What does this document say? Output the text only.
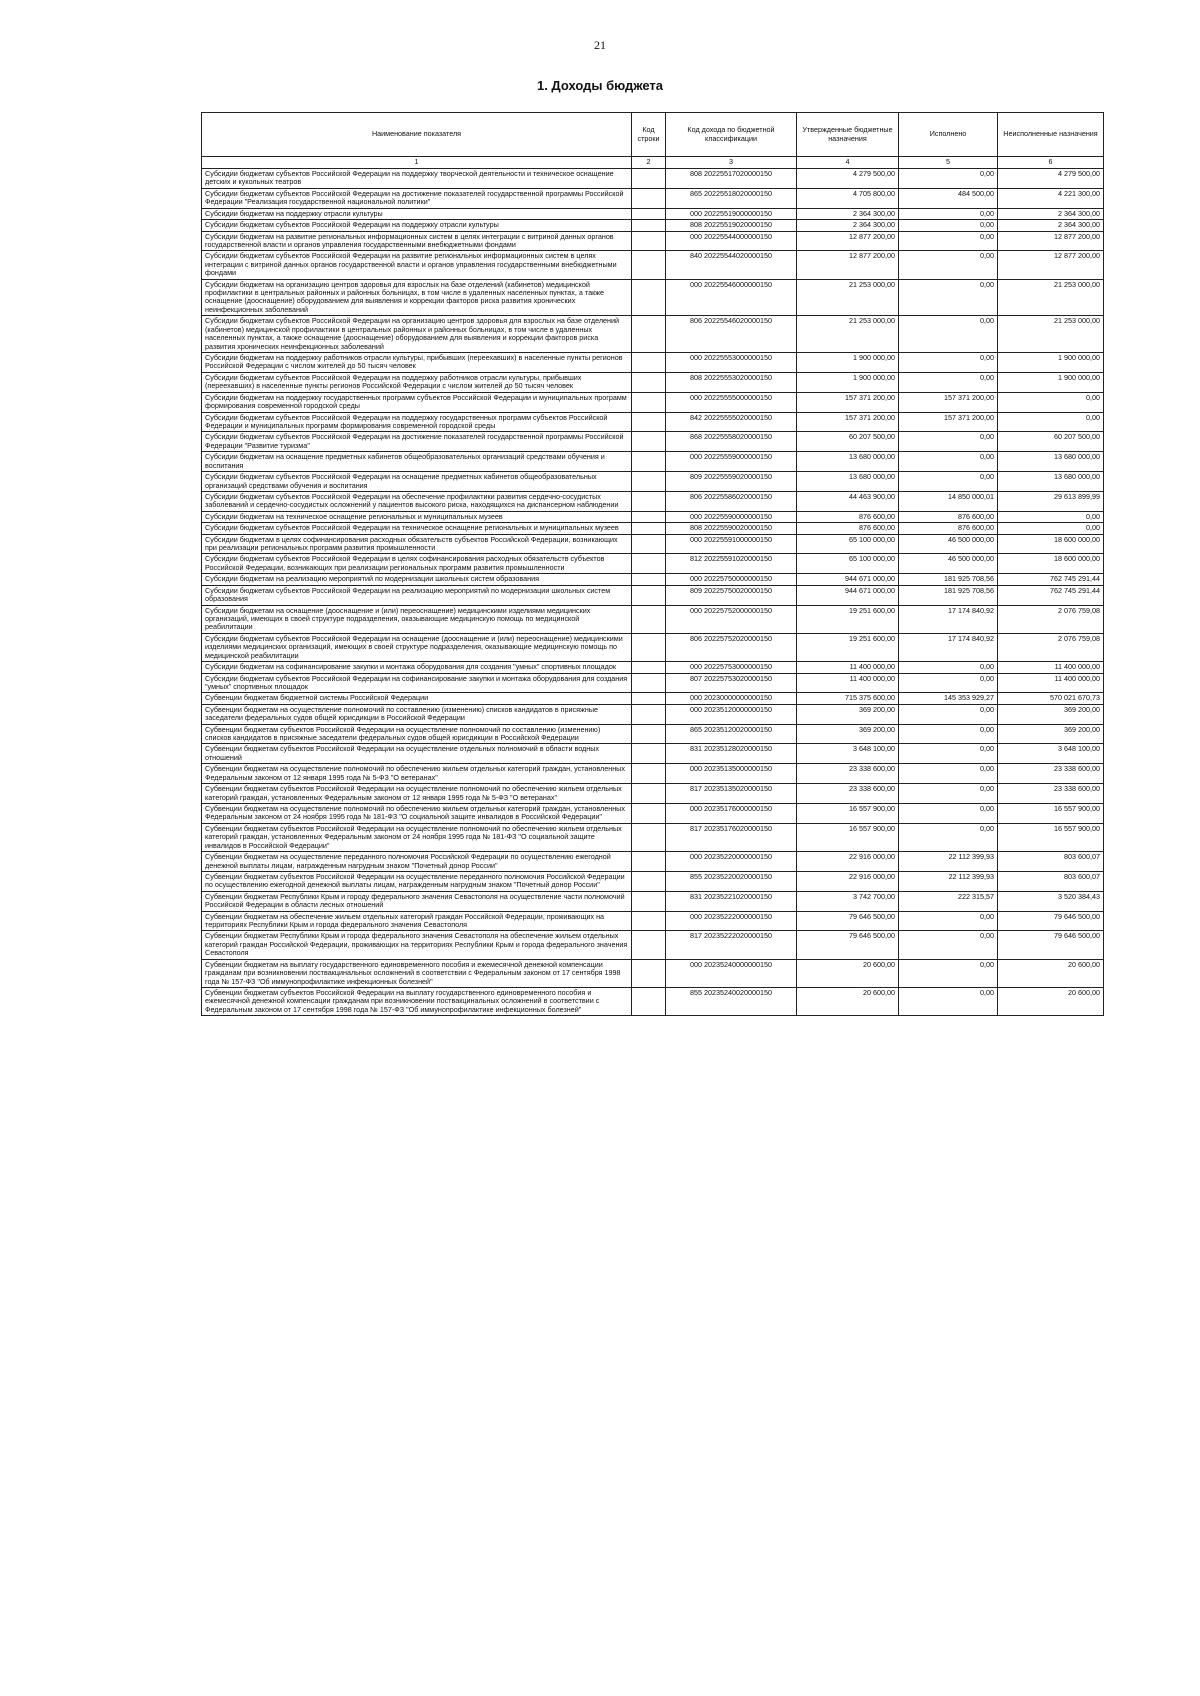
21
1. Доходы бюджета
Наименование показателя	Код строки	Код дохода по бюджетной классификации	Утвержденные бюджетные назначения	Исполнено	Неисполненные назначения
1	2	3	4	5	6
Субсидии бюджетам субъектов Российской Федерации на поддержку творческой деятельности и техническое оснащение детских и кукольных театров		808 20225517020000150	4 279 500,00	0,00	4 279 500,00
Субсидии бюджетам субъектов Российской Федерации на достижение показателей государственной программы Российской Федерации "Реализация государственной национальной политики"		865 20225518020000150	4 705 800,00	484 500,00	4 221 300,00
Субсидии бюджетам на поддержку отрасли культуры		000 20225519000000150	2 364 300,00	0,00	2 364 300,00
Субсидии бюджетам субъектов Российской Федерации на поддержку отрасли культуры		808 20225519020000150	2 364 300,00	0,00	2 364 300,00
Субсидии бюджетам на развитие региональных информационных систем в целях интеграции с витриной данных органов государственной власти и органов управления государственными внебюджетными фондами		000 20225544000000150	12 877 200,00	0,00	12 877 200,00
Субсидии бюджетам субъектов Российской Федерации на развитие региональных информационных систем в целях интеграции с витриной данных органов государственной власти и органов управления государственными внебюджетными фондами		840 20225544020000150	12 877 200,00	0,00	12 877 200,00
Субсидии бюджетам на организацию центров здоровья для взрослых на базе отделений (кабинетов) медицинской профилактики в центральных районных и районных больницах, в том числе в удаленных населенных пунктах, а также оснащение (дооснащение) оборудованием для выявления и коррекции факторов риска развития хронических неинфекционных заболеваний		000 20225546000000150	21 253 000,00	0,00	21 253 000,00
Субсидии бюджетам субъектов Российской Федерации на организацию центров здоровья для взрослых на базе отделений (кабинетов) медицинской профилактики в центральных районных и районных больницах, в том числе в удаленных населенных пунктах, а также оснащение (дооснащение) оборудованием для выявления и коррекции факторов риска развития хронических неинфекционных заболеваний		806 20225546020000150	21 253 000,00	0,00	21 253 000,00
Субсидии бюджетам на поддержку работников отрасли культуры, прибывших (переехавших) в населенные пункты регионов Российской Федерации с числом жителей до 50 тысяч человек		000 20225553000000150	1 900 000,00	0,00	1 900 000,00
Субсидии бюджетам субъектов Российской Федерации на поддержку работников отрасли культуры, прибывших (переехавших) в населенные пункты регионов Российской Федерации с числом жителей до 50 тысяч человек		808 20225553020000150	1 900 000,00	0,00	1 900 000,00
Субсидии бюджетам на поддержку государственных программ субъектов Российской Федерации и муниципальных программ формирования современной городской среды		000 20225555000000150	157 371 200,00	157 371 200,00	0,00
Субсидии бюджетам субъектов Российской Федерации на поддержку государственных программ субъектов Российской Федерации и муниципальных программ формирования современной городской среды		842 20225555020000150	157 371 200,00	157 371 200,00	0,00
Субсидии бюджетам субъектов Российской Федерации на достижение показателей государственной программы Российской Федерации "Развитие туризма"		868 20225558020000150	60 207 500,00	0,00	60 207 500,00
Субсидии бюджетам на оснащение предметных кабинетов общеобразовательных организаций средствами обучения и воспитания		000 20225559000000150	13 680 000,00	0,00	13 680 000,00
Субсидии бюджетам субъектов Российской Федерации на оснащение предметных кабинетов общеобразовательных организаций средствами обучения и воспитания		809 20225559020000150	13 680 000,00	0,00	13 680 000,00
Субсидии бюджетам субъектов Российской Федерации на обеспечение профилактики развития сердечно-сосудистых заболеваний и сердечно-сосудистых осложнений у пациентов высокого риска, находящихся на диспансерном наблюдении		806 20225586020000150	44 463 900,00	14 850 000,01	29 613 899,99
Субсидии бюджетам на техническое оснащение региональных и муниципальных музеев		000 20225590000000150	876 600,00	876 600,00	0,00
Субсидии бюджетам субъектов Российской Федерации на техническое оснащение региональных и муниципальных музеев		808 20225590020000150	876 600,00	876 600,00	0,00
Субсидии бюджетам в целях софинансирования расходных обязательств субъектов Российской Федерации, возникающих при реализации региональных программ развития промышленности		000 20225591000000150	65 100 000,00	46 500 000,00	18 600 000,00
Субсидии бюджетам субъектов Российской Федерации в целях софинансирования расходных обязательств субъектов Российской Федерации, возникающих при реализации региональных программ развития промышленности		812 20225591020000150	65 100 000,00	46 500 000,00	18 600 000,00
Субсидии бюджетам на реализацию мероприятий по модернизации школьных систем образования		000 20225750000000150	944 671 000,00	181 925 708,56	762 745 291,44
Субсидии бюджетам субъектов Российской Федерации на реализацию мероприятий по модернизации школьных систем образования		809 20225750020000150	944 671 000,00	181 925 708,56	762 745 291,44
Субсидии бюджетам на оснащение (дооснащение и (или) переоснащение) медицинскими изделиями медицинских организаций, имеющих в своей структуре подразделения, оказывающие медицинскую помощь по медицинской реабилитации		000 20225752000000150	19 251 600,00	17 174 840,92	2 076 759,08
Субсидии бюджетам субъектов Российской Федерации на оснащение (дооснащение и (или) переоснащение) медицинскими изделиями медицинских организаций, имеющих в своей структуре подразделения, оказывающие медицинскую помощь по медицинской реабилитации		806 20225752020000150	19 251 600,00	17 174 840,92	2 076 759,08
Субсидии бюджетам на софинансирование закупки и монтажа оборудования для создания "умных" спортивных площадок		000 20225753000000150	11 400 000,00	0,00	11 400 000,00
Субсидии бюджетам субъектов Российской Федерации на софинансирование закупки и монтажа оборудования для создания "умных" спортивных площадок		807 20225753020000150	11 400 000,00	0,00	11 400 000,00
Субвенции бюджетам бюджетной системы Российской Федерации		000 20230000000000150	715 375 600,00	145 353 929,27	570 021 670,73
Субвенции бюджетам на осуществление полномочий по составлению (изменению) списков кандидатов в присяжные заседатели федеральных судов общей юрисдикции в Российской Федерации		000 20235120000000150	369 200,00	0,00	369 200,00
Субвенции бюджетам субъектов Российской Федерации на осуществление полномочий по составлению (изменению) списков кандидатов в присяжные заседатели федеральных судов общей юрисдикции в Российской Федерации		865 20235120020000150	369 200,00	0,00	369 200,00
Субвенции бюджетам субъектов Российской Федерации на осуществление отдельных полномочий в области водных отношений		831 20235128020000150	3 648 100,00	0,00	3 648 100,00
Субвенции бюджетам на осуществление полномочий по обеспечению жильем отдельных категорий граждан, установленных Федеральным законом от 12 января 1995 года № 5-ФЗ "О ветеранах"		000 20235135000000150	23 338 600,00	0,00	23 338 600,00
Субвенции бюджетам субъектов Российской Федерации на осуществление полномочий по обеспечению жильем отдельных категорий граждан, установленных Федеральным законом от 12 января 1995 года № 5-ФЗ "О ветеранах"		817 20235135020000150	23 338 600,00	0,00	23 338 600,00
Субвенции бюджетам на осуществление полномочий по обеспечению жильем отдельных категорий граждан, установленных Федеральным законом от 24 ноября 1995 года № 181-ФЗ "О социальной защите инвалидов в Российской Федерации"		000 20235176000000150	16 557 900,00	0,00	16 557 900,00
Субвенции бюджетам субъектов Российской Федерации на осуществление полномочий по обеспечению жильем отдельных категорий граждан, установленных Федеральным законом от 24 ноября 1995 года № 181-ФЗ "О социальной защите инвалидов в Российской Федерации"		817 20235176020000150	16 557 900,00	0,00	16 557 900,00
Субвенции бюджетам на осуществление переданного полномочия Российской Федерации по осуществлению ежегодной денежной выплаты лицам, награжденным нагрудным знаком "Почетный донор России"		000 20235220000000150	22 916 000,00	22 112 399,93	803 600,07
Субвенции бюджетам субъектов Российской Федерации на осуществление переданного полномочия Российской Федерации по осуществлению ежегодной денежной выплаты лицам, награжденным нагрудным знаком "Почетный донор России"		855 20235220020000150	22 916 000,00	22 112 399,93	803 600,07
Субвенции бюджетам Республики Крым и городу федерального значения Севастополя на осуществление части полномочий Российской Федерации в области лесных отношений		831 20235221020000150	3 742 700,00	222 315,57	3 520 384,43
Субвенции бюджетам на обеспечение жильем отдельных категорий граждан Российской Федерации, проживающих на территориях Республики Крым и города федерального значения Севастополя		000 20235222000000150	79 646 500,00	0,00	79 646 500,00
Субвенции бюджетам Республики Крым и города федерального значения Севастополя на обеспечение жильем отдельных категорий граждан Российской Федерации, проживающих на территориях Республики Крым и города федерального значения Севастополя		817 20235222020000150	79 646 500,00	0,00	79 646 500,00
Субвенции бюджетам на выплату государственного единовременного пособия и ежемесячной денежной компенсации гражданам при возникновении поствакцинальных осложнений в соответствии с Федеральным законом от 17 сентября 1998 года № 157-ФЗ "Об иммунопрофилактике инфекционных болезней"		000 20235240000000150	20 600,00	0,00	20 600,00
Субвенции бюджетам субъектов Российской Федерации на выплату государственного единовременного пособия и ежемесячной денежной компенсации гражданам при возникновении поствакцинальных осложнений в соответствии с Федеральным законом от 17 сентября 1998 года № 157-ФЗ "Об иммунопрофилактике инфекционных болезней"		855 20235240020000150	20 600,00	0,00	20 600,00
